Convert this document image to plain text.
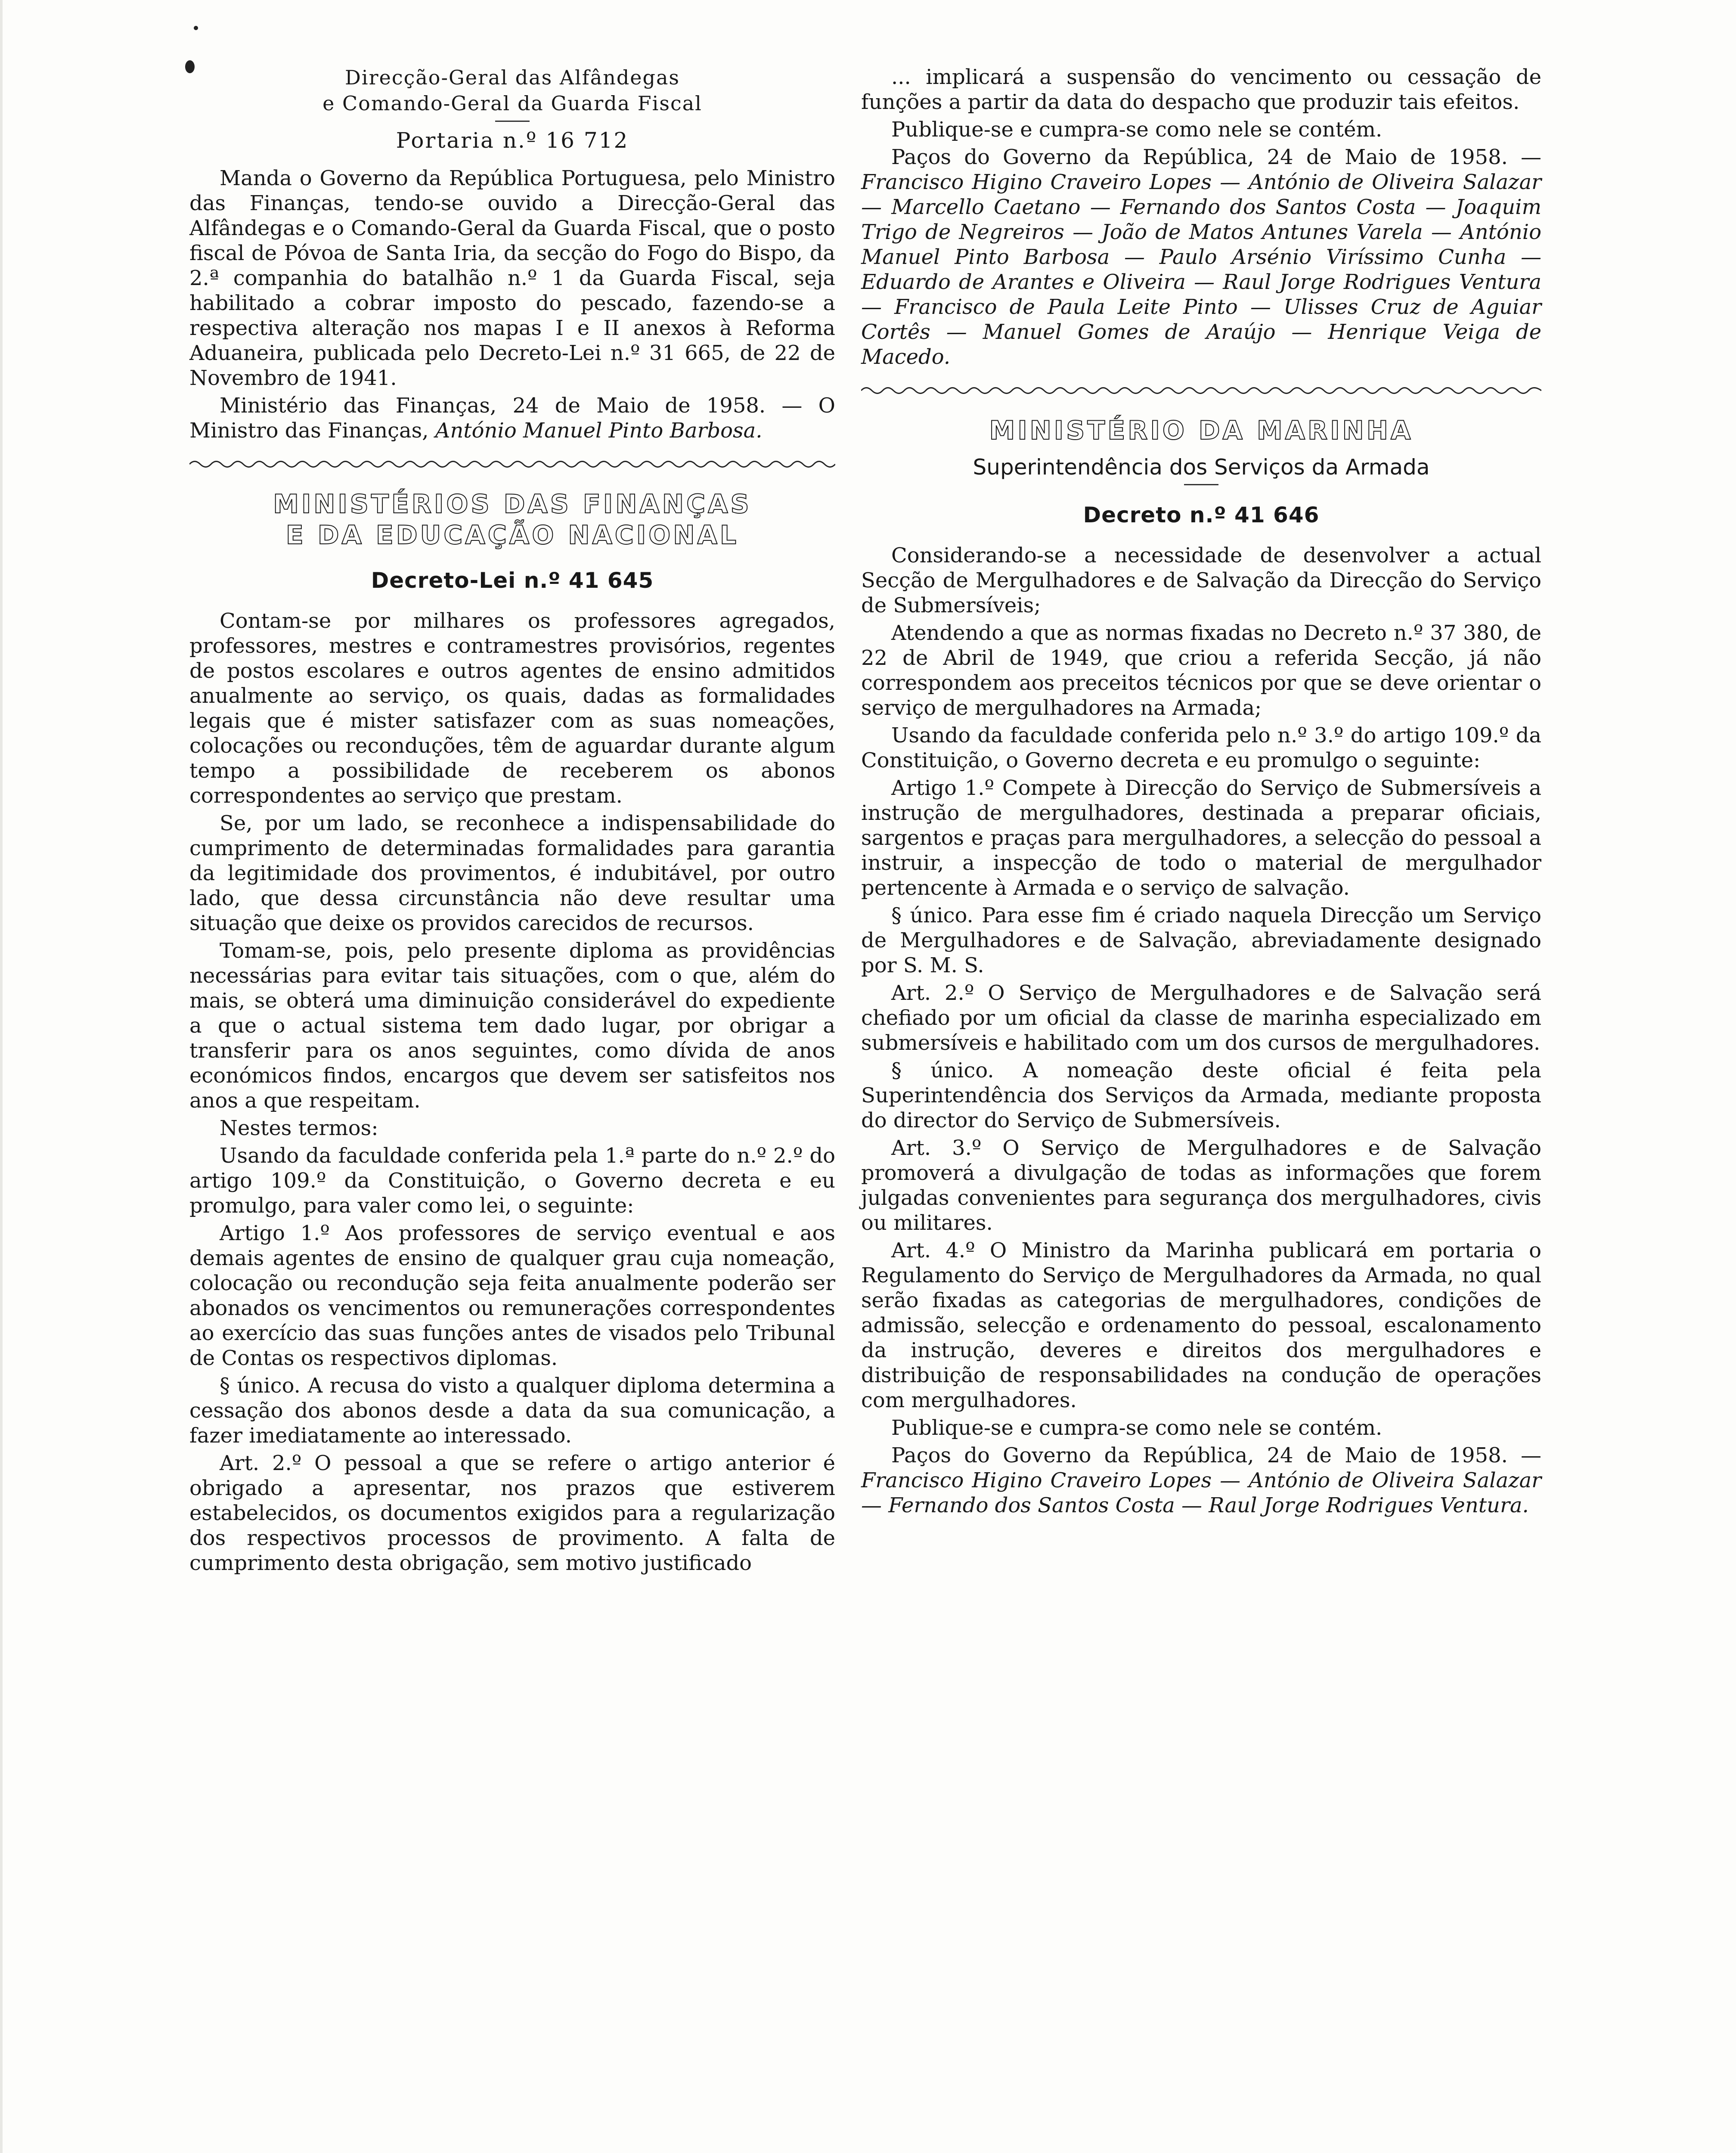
Direcção-Geral das Alfândegas

e Comando-Geral da Guarda Fiscal

Portaria n.º 16 712

Manda o Governo da República Portuguesa, pelo Ministro das Finanças, tendo-se ouvido a Direcção-Geral das Alfândegas e o Comando-Geral da Guarda Fiscal, que o posto fiscal de Póvoa de Santa Iria, da secção do Fogo do Bispo, da 2.ª companhia do batalhão n.º 1 da Guarda Fiscal, seja habilitado a cobrar imposto do pescado, fazendo-se a respectiva alteração nos mapas I e II anexos à Reforma Aduaneira, publicada pelo Decreto-Lei n.º 31 665, de 22 de Novembro de 1941.

Ministério das Finanças, 24 de Maio de 1958. — O Ministro das Finanças, António Manuel Pinto Barbosa.

MINISTÉRIOS DAS FINANÇAS

E DA EDUCAÇÃO NACIONAL

Decreto-Lei n.º 41 645

Contam-se por milhares os professores agregados, professores, mestres e contramestres provisórios, regentes de postos escolares e outros agentes de ensino admitidos anualmente ao serviço, os quais, dadas as formalidades legais que é mister satisfazer com as suas nomeações, colocações ou reconduções, têm de aguardar durante algum tempo a possibilidade de receberem os abonos correspondentes ao serviço que prestam.

Se, por um lado, se reconhece a indispensabilidade do cumprimento de determinadas formalidades para garantia da legitimidade dos provimentos, é indubitável, por outro lado, que dessa circunstância não deve resultar uma situação que deixe os providos carecidos de recursos.

Tomam-se, pois, pelo presente diploma as providências necessárias para evitar tais situações, com o que, além do mais, se obterá uma diminuição considerável do expediente a que o actual sistema tem dado lugar, por obrigar a transferir para os anos seguintes, como dívida de anos económicos findos, encargos que devem ser satisfeitos nos anos a que respeitam.

Nestes termos:

Usando da faculdade conferida pela 1.ª parte do n.º 2.º do artigo 109.º da Constituição, o Governo decreta e eu promulgo, para valer como lei, o seguinte:

Artigo 1.º Aos professores de serviço eventual e aos demais agentes de ensino de qualquer grau cuja nomeação, colocação ou recondução seja feita anualmente poderão ser abonados os vencimentos ou remunerações correspondentes ao exercício das suas funções antes de visados pelo Tribunal de Contas os respectivos diplomas.

§ único. A recusa do visto a qualquer diploma determina a cessação dos abonos desde a data da sua comunicação, a fazer imediatamente ao interessado.

Art. 2.º O pessoal a que se refere o artigo anterior é obrigado a apresentar, nos prazos que estiverem estabelecidos, os documentos exigidos para a regularização dos respectivos processos de provimento. A falta de cumprimento desta obrigação, sem motivo justificado

... implicará a suspensão do vencimento ou cessação de funções a partir da data do despacho que produzir tais efeitos.

Publique-se e cumpra-se como nele se contém.

Paços do Governo da República, 24 de Maio de 1958. — Francisco Higino Craveiro Lopes — António de Oliveira Salazar — Marcello Caetano — Fernando dos Santos Costa — Joaquim Trigo de Negreiros — João de Matos Antunes Varela — António Manuel Pinto Barbosa — Paulo Arsénio Viríssimo Cunha — Eduardo de Arantes e Oliveira — Raul Jorge Rodrigues Ventura — Francisco de Paula Leite Pinto — Ulisses Cruz de Aguiar Cortês — Manuel Gomes de Araújo — Henrique Veiga de Macedo.

MINISTÉRIO DA MARINHA

Superintendência dos Serviços da Armada

Decreto n.º 41 646

Considerando-se a necessidade de desenvolver a actual Secção de Mergulhadores e de Salvação da Direcção do Serviço de Submersíveis;

Atendendo a que as normas fixadas no Decreto n.º 37 380, de 22 de Abril de 1949, que criou a referida Secção, já não correspondem aos preceitos técnicos por que se deve orientar o serviço de mergulhadores na Armada;

Usando da faculdade conferida pelo n.º 3.º do artigo 109.º da Constituição, o Governo decreta e eu promulgo o seguinte:

Artigo 1.º Compete à Direcção do Serviço de Submersíveis a instrução de mergulhadores, destinada a preparar oficiais, sargentos e praças para mergulhadores, a selecção do pessoal a instruir, a inspecção de todo o material de mergulhador pertencente à Armada e o serviço de salvação.

§ único. Para esse fim é criado naquela Direcção um Serviço de Mergulhadores e de Salvação, abreviadamente designado por S. M. S.

Art. 2.º O Serviço de Mergulhadores e de Salvação será chefiado por um oficial da classe de marinha especializado em submersíveis e habilitado com um dos cursos de mergulhadores.

§ único. A nomeação deste oficial é feita pela Superintendência dos Serviços da Armada, mediante proposta do director do Serviço de Submersíveis.

Art. 3.º O Serviço de Mergulhadores e de Salvação promoverá a divulgação de todas as informações que forem julgadas convenientes para segurança dos mergulhadores, civis ou militares.

Art. 4.º O Ministro da Marinha publicará em portaria o Regulamento do Serviço de Mergulhadores da Armada, no qual serão fixadas as categorias de mergulhadores, condições de admissão, selecção e ordenamento do pessoal, escalonamento da instrução, deveres e direitos dos mergulhadores e distribuição de responsabilidades na condução de operações com mergulhadores.

Publique-se e cumpra-se como nele se contém.

Paços do Governo da República, 24 de Maio de 1958. — Francisco Higino Craveiro Lopes — António de Oliveira Salazar — Fernando dos Santos Costa — Raul Jorge Rodrigues Ventura.
